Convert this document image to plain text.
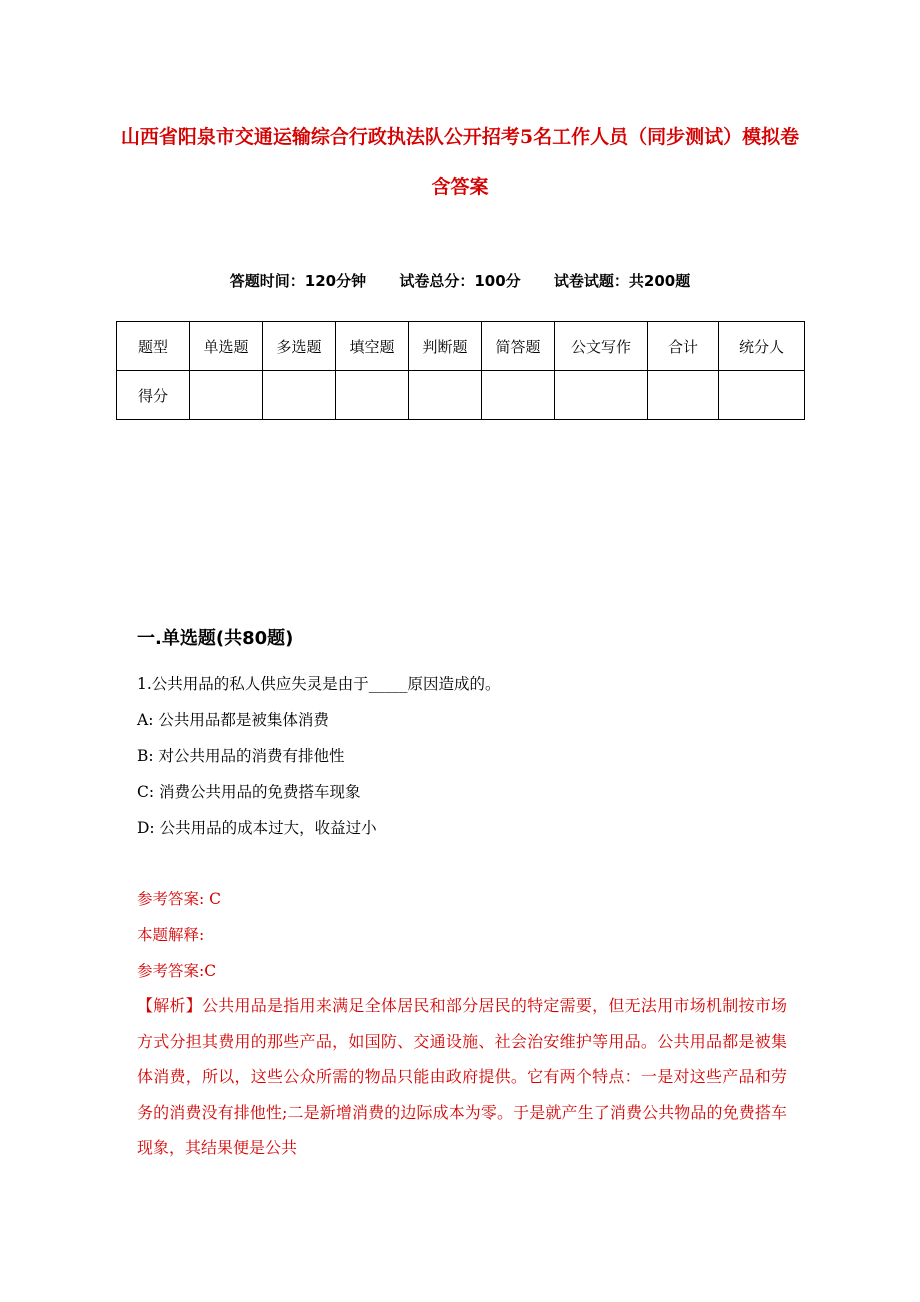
山西省阳泉市交通运输综合行政执法队公开招考5名工作人员（同步测试）模拟卷含答案
答题时间：120分钟 试卷总分：100分 试卷试题：共200题
题型	单选题	多选题	填空题	判断题	简答题	公文写作	合计	统分人
得分								
一.单选题(共80题)
1.公共用品的私人供应失灵是由于_____原因造成的。
A: 公共用品都是被集体消费
B: 对公共用品的消费有排他性
C: 消费公共用品的免费搭车现象
D: 公共用品的成本过大，收益过小
参考答案: C
本题解释:
参考答案:C

【解析】公共用品是指用来满足全体居民和部分居民的特定需要，但无法用市场机制按市场方式分担其费用的那些产品，如国防、交通设施、社会治安维护等用品。公共用品都是被集体消费，所以，这些公众所需的物品只能由政府提供。它有两个特点：一是对这些产品和劳务的消费没有排他性;二是新增消费的边际成本为零。于是就产生了消费公共物品的免费搭车现象，其结果便是公共
